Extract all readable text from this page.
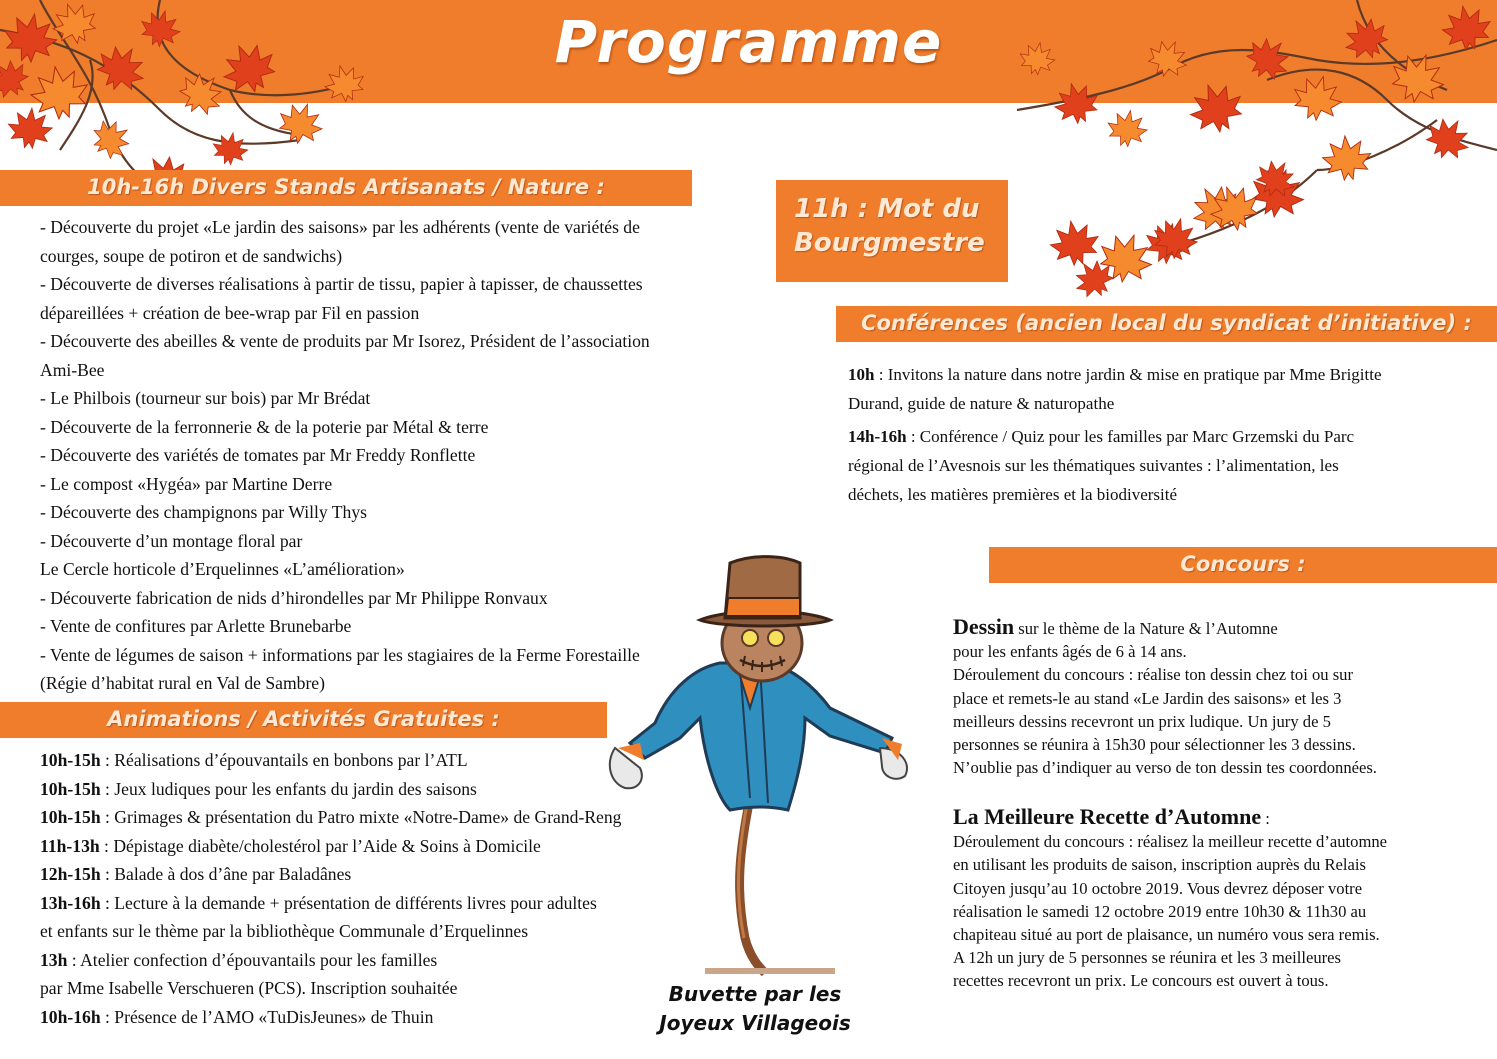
Programme
10h-16h Divers Stands Artisanats / Nature :

- Découverte du projet «Le jardin des saisons» par les adhérents (vente de variétés de

courges, soupe de potiron et de sandwichs)

- Découverte de diverses réalisations à partir de tissu, papier à tapisser, de chaussettes

dépareillées + création de bee-wrap par Fil en passion

- Découverte des abeilles & vente de produits par Mr Isorez, Président de l’association

Ami-Bee

- Le Philbois (tourneur sur bois) par Mr Brédat

- Découverte de la ferronnerie & de la poterie par Métal & terre

- Découverte des variétés de tomates par Mr Freddy Ronflette

- Le compost «Hygéa» par Martine Derre

- Découverte des champignons par Willy Thys

- Découverte d’un montage floral par

Le Cercle horticole d’Erquelinnes «L’amélioration»

- Découverte fabrication de nids d’hirondelles par Mr Philippe Ronvaux

- Vente de confitures par Arlette Brunebarbe

- Vente de légumes de saison + informations par les stagiaires de la Ferme Forestaille

(Régie d’habitat rural en Val de Sambre)

Animations / Activités Gratuites :

10h-15h : Réalisations d’épouvantails en bonbons par l’ATL

10h-15h : Jeux ludiques pour les enfants du jardin des saisons

10h-15h : Grimages & présentation du Patro mixte «Notre-Dame» de Grand-Reng

11h-13h : Dépistage diabète/cholestérol par l’Aide & Soins à Domicile

12h-15h : Balade à dos d’âne par Baladânes

13h-16h : Lecture à la demande + présentation de différents livres pour adultes

et enfants sur le thème par la bibliothèque Communale d’Erquelinnes

13h : Atelier confection d’épouvantails pour les familles

par Mme Isabelle Verschueren (PCS). Inscription souhaitée

10h-16h : Présence de l’AMO «TuDisJeunes» de Thuin

11h : Mot du
Bourgmestre
Conférences (ancien local du syndicat d’initiative) :

10h : Invitons la nature dans notre jardin & mise en pratique par Mme Brigitte
Durand, guide de nature & naturopathe

14h-16h : Conférence / Quiz pour les familles par Marc Grzemski du Parc
régional de l’Avesnois sur les thématiques suivantes : l’alimentation, les
déchets, les matières premières et la biodiversité

Concours :

Dessin sur le thème de la Nature & l’Automne

pour les enfants âgés de 6 à 14 ans.

Déroulement du concours : réalise ton dessin chez toi ou sur

place et remets-le au stand «Le Jardin des saisons» et les 3

meilleurs dessins recevront un prix ludique. Un jury de 5

personnes se réunira à 15h30 pour sélectionner les 3 dessins.

N’oublie pas d’indiquer au verso de ton dessin tes coordonnées.

La Meilleure Recette d’Automne :

Déroulement du concours : réalisez la meilleur recette d’automne

en utilisant les produits de saison, inscription auprès du Relais

Citoyen jusqu’au 10 octobre 2019. Vous devrez déposer votre

réalisation le samedi 12 octobre 2019 entre 10h30 & 11h30 au

chapiteau situé au port de plaisance, un numéro vous sera remis.

A 12h un jury de 5 personnes se réunira et les 3 meilleures

recettes recevront un prix. Le concours est ouvert à tous.

Buvette par les
Joyeux Villageois
